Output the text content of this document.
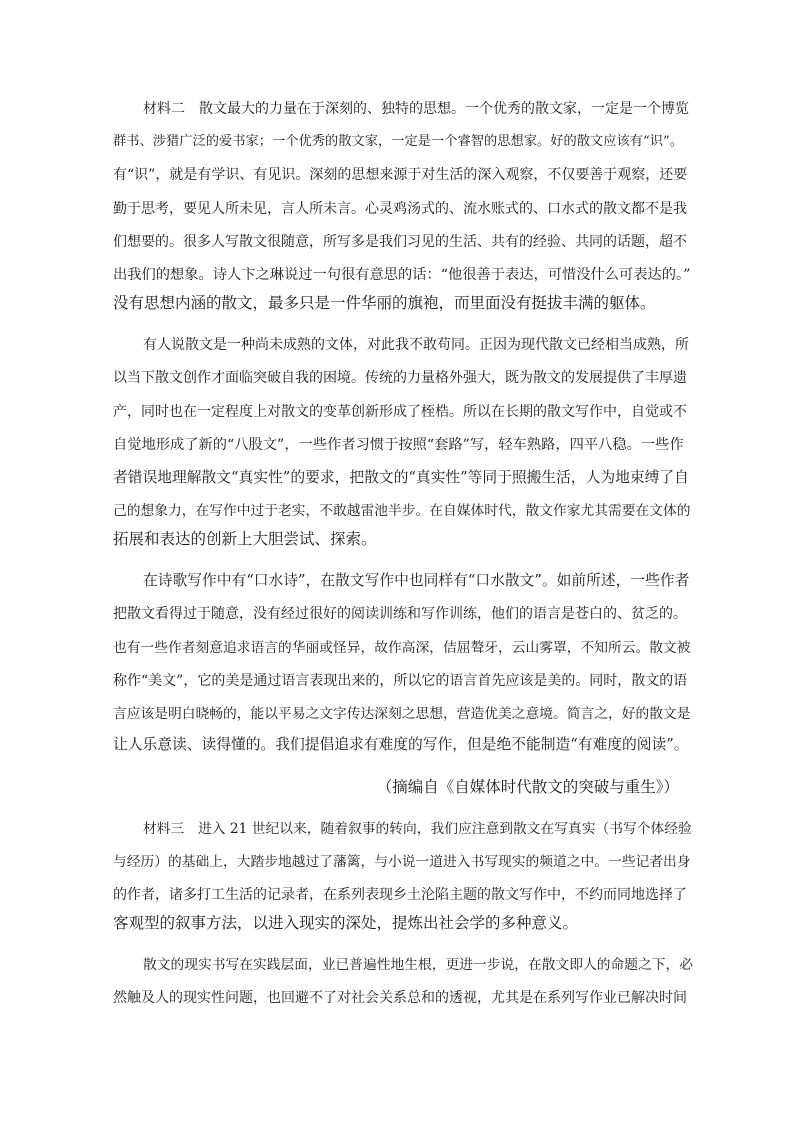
材料二　散文最大的力量在于深刻的、独特的思想。一个优秀的散文家，一定是一个博览
群书、涉猎广泛的爱书家；一个优秀的散文家，一定是一个睿智的思想家。好的散文应该有“识”。
有“识”，就是有学识、有见识。深刻的思想来源于对生活的深入观察，不仅要善于观察，还要
勤于思考，要见人所未见，言人所未言。心灵鸡汤式的、流水账式的、口水式的散文都不是我
们想要的。很多人写散文很随意，所写多是我们习见的生活、共有的经验、共同的话题，超不
出我们的想象。诗人卞之琳说过一句很有意思的话：“他很善于表达，可惜没什么可表达的。”
没有思想内涵的散文，最多只是一件华丽的旗袍，而里面没有挺拔丰满的躯体。
有人说散文是一种尚未成熟的文体，对此我不敢苟同。正因为现代散文已经相当成熟，所
以当下散文创作才面临突破自我的困境。传统的力量格外强大，既为散文的发展提供了丰厚遗
产，同时也在一定程度上对散文的变革创新形成了桎梏。所以在长期的散文写作中，自觉或不
自觉地形成了新的“八股文”，一些作者习惯于按照“套路”写，轻车熟路，四平八稳。一些作
者错误地理解散文“真实性”的要求，把散文的“真实性”等同于照搬生活，人为地束缚了自
己的想象力，在写作中过于老实，不敢越雷池半步。在自媒体时代，散文作家尤其需要在文体的
拓展和表达的创新上大胆尝试、探索。
在诗歌写作中有“口水诗”，在散文写作中也同样有“口水散文”。如前所述，一些作者
把散文看得过于随意，没有经过很好的阅读训练和写作训练，他们的语言是苍白的、贫乏的。
也有一些作者刻意追求语言的华丽或怪异，故作高深，佶屈聱牙，云山雾罩，不知所云。散文被
称作“美文”，它的美是通过语言表现出来的，所以它的语言首先应该是美的。同时，散文的语
言应该是明白晓畅的，能以平易之文字传达深刻之思想，营造优美之意境。简言之，好的散文是
让人乐意读、读得懂的。我们提倡追求有难度的写作，但是绝不能制造“有难度的阅读”。
（摘编自《自媒体时代散文的突破与重生》）
材料三　进入 21 世纪以来，随着叙事的转向，我们应注意到散文在写真实（书写个体经验
与经历）的基础上，大踏步地越过了藩篱，与小说一道进入书写现实的频道之中。一些记者出身
的作者，诸多打工生活的记录者，在系列表现乡土沦陷主题的散文写作中，不约而同地选择了
客观型的叙事方法，以进入现实的深处，提炼出社会学的多种意义。
散文的现实书写在实践层面，业已普遍性地生根，更进一步说，在散文即人的命题之下，必
然触及人的现实性问题，也回避不了对社会关系总和的透视，尤其是在系列写作业已解决时间
